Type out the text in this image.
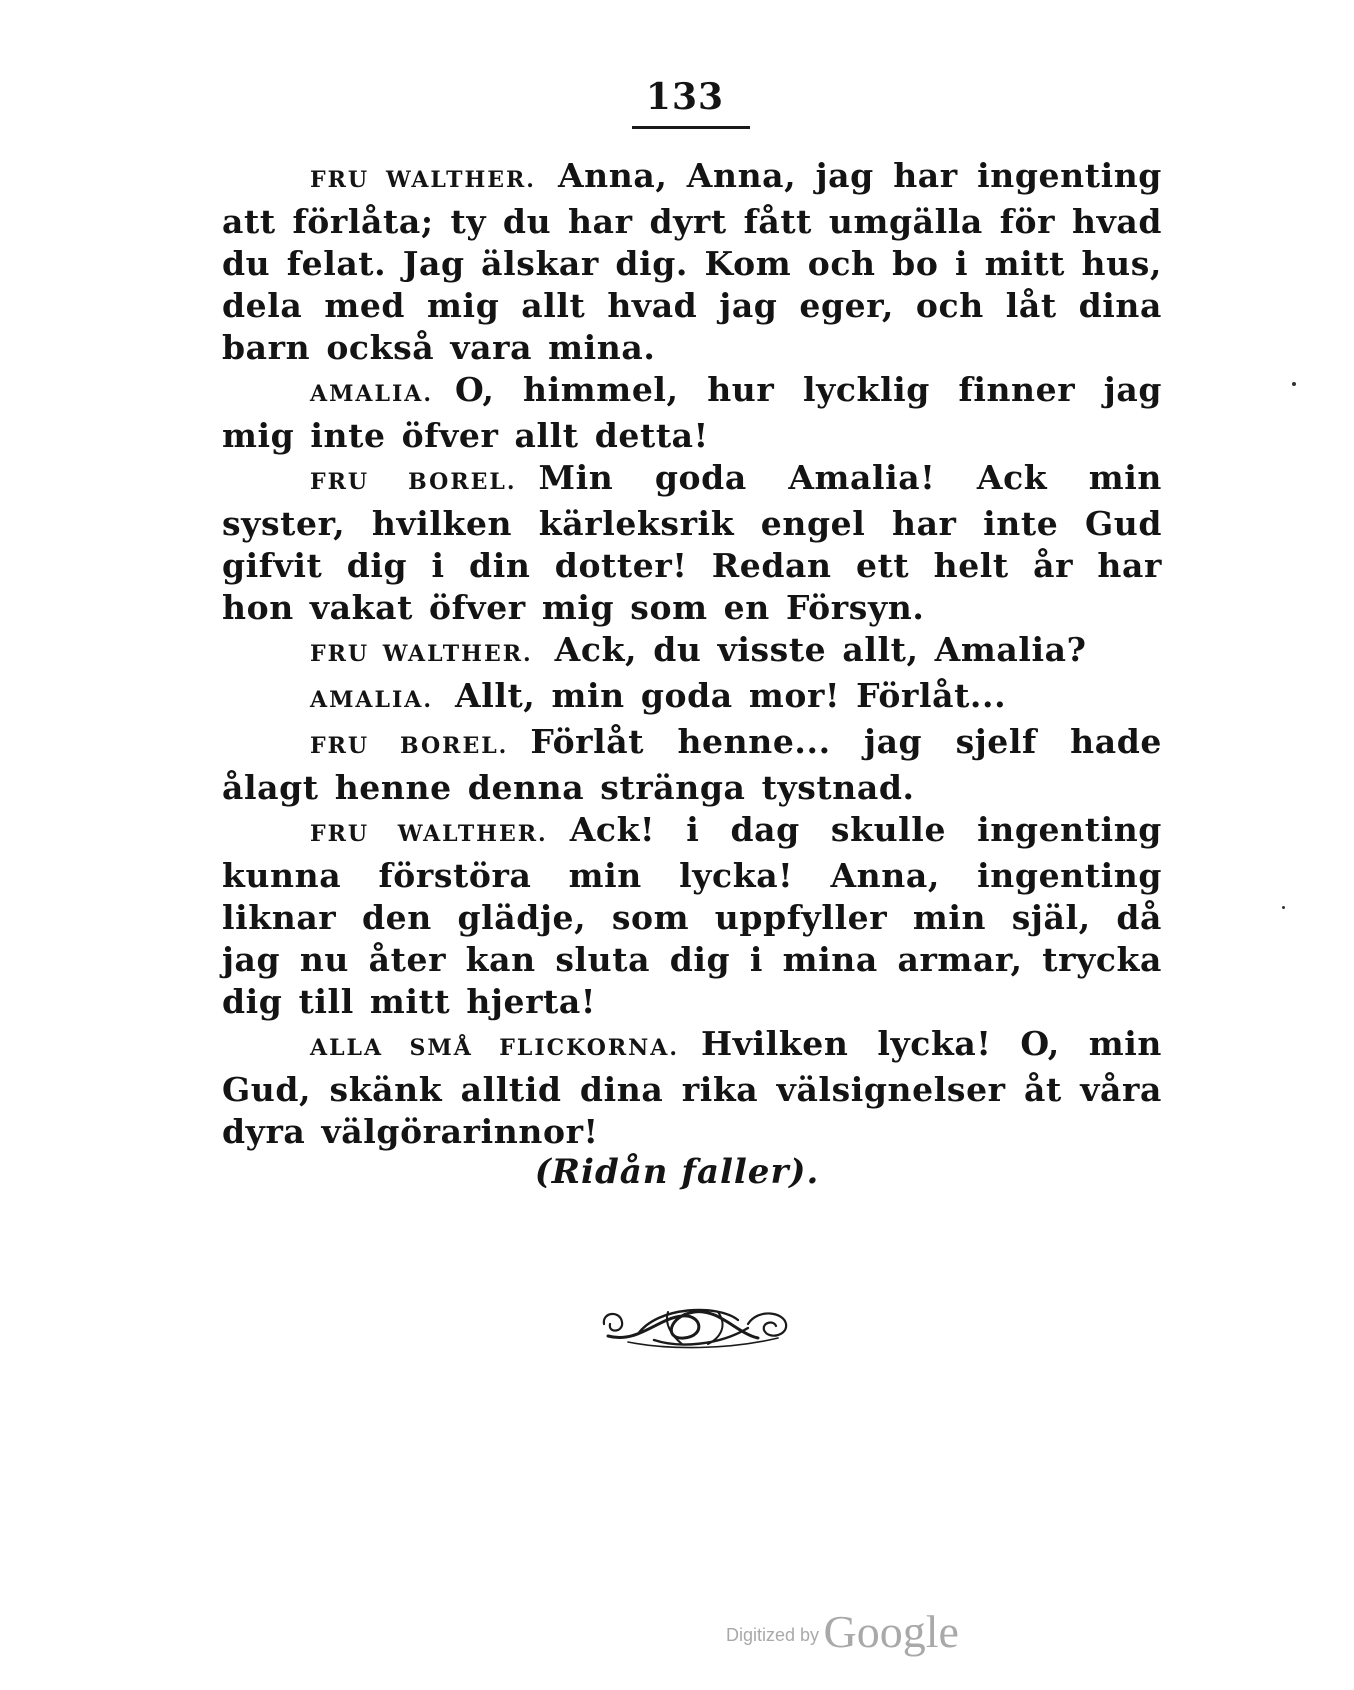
133

FRU WALTHER. Anna, Anna, jag har ingenting att förlåta; ty du har dyrt fått umgälla för hvad du felat. Jag älskar dig. Kom och bo i mitt hus, dela med mig allt hvad jag eger, och låt dina barn också vara mina.

AMALIA. O, himmel, hur lycklig finner jag mig inte öfver allt detta!

FRU BOREL. Min goda Amalia! Ack min syster, hvilken kärleksrik engel har inte Gud gifvit dig i din dotter! Redan ett helt år har hon vakat öfver mig som en Försyn.

FRU WALTHER. Ack, du visste allt, Amalia?

AMALIA. Allt, min goda mor! Förlåt...

FRU BOREL. Förlåt henne... jag sjelf hade ålagt henne denna stränga tystnad.

FRU WALTHER. Ack! i dag skulle ingenting kunna förstöra min lycka! Anna, ingenting liknar den glädje, som uppfyller min själ, då jag nu åter kan sluta dig i mina armar, trycka dig till mitt hjerta!

ALLA SMÅ FLICKORNA. Hvilken lycka! O, min Gud, skänk alltid dina rika välsignelser åt våra dyra välgörarinnor!

(Ridån faller).
Digitized by Google
